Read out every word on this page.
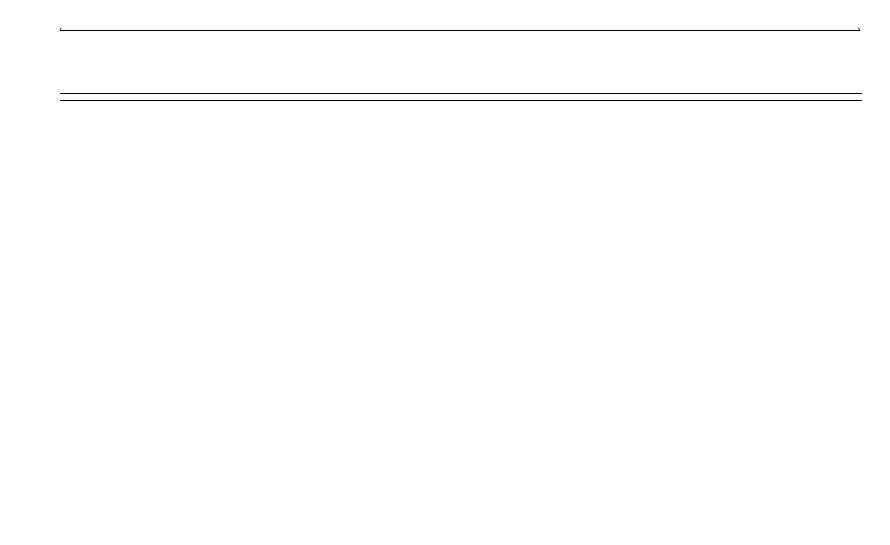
‹	›
